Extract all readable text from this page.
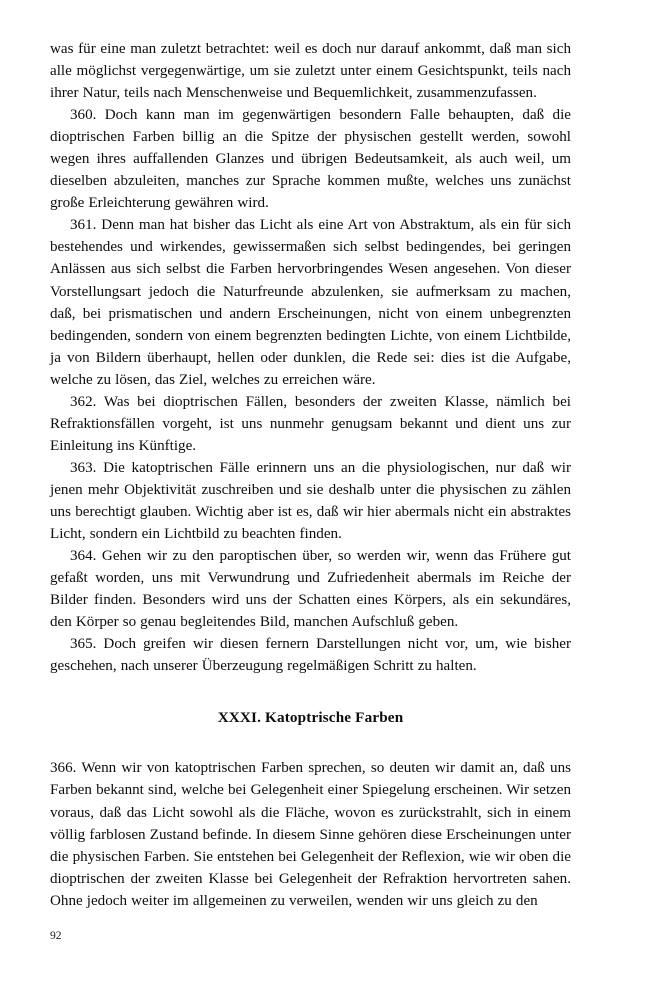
was für eine man zuletzt betrachtet: weil es doch nur darauf ankommt, daß man sich alle möglichst vergegenwärtige, um sie zuletzt unter einem Gesichtspunkt, teils nach ihrer Natur, teils nach Menschenweise und Bequemlichkeit, zusammenzufassen.

360. Doch kann man im gegenwärtigen besondern Falle behaupten, daß die dioptrischen Farben billig an die Spitze der physischen gestellt werden, sowohl wegen ihres auffallenden Glanzes und übrigen Bedeutsamkeit, als auch weil, um dieselben abzuleiten, manches zur Sprache kommen mußte, welches uns zunächst große Erleichterung gewähren wird.

361. Denn man hat bisher das Licht als eine Art von Abstraktum, als ein für sich bestehendes und wirkendes, gewissermaßen sich selbst bedingendes, bei geringen Anlässen aus sich selbst die Farben hervorbringendes Wesen angesehen. Von dieser Vorstellungsart jedoch die Naturfreunde abzulenken, sie aufmerksam zu machen, daß, bei prismatischen und andern Erscheinungen, nicht von einem unbegrenzten bedingenden, sondern von einem begrenzten bedingten Lichte, von einem Lichtbilde, ja von Bildern überhaupt, hellen oder dunklen, die Rede sei: dies ist die Aufgabe, welche zu lösen, das Ziel, welches zu erreichen wäre.

362. Was bei dioptrischen Fällen, besonders der zweiten Klasse, nämlich bei Refraktionsfällen vorgeht, ist uns nunmehr genugsam bekannt und dient uns zur Einleitung ins Künftige.

363. Die katoptrischen Fälle erinnern uns an die physiologischen, nur daß wir jenen mehr Objektivität zuschreiben und sie deshalb unter die physischen zu zählen uns berechtigt glauben. Wichtig aber ist es, daß wir hier abermals nicht ein abstraktes Licht, sondern ein Lichtbild zu beachten finden.

364. Gehen wir zu den paroptischen über, so werden wir, wenn das Frühere gut gefaßt worden, uns mit Verwundrung und Zufriedenheit abermals im Reiche der Bilder finden. Besonders wird uns der Schatten eines Körpers, als ein sekundäres, den Körper so genau begleitendes Bild, manchen Aufschluß geben.

365. Doch greifen wir diesen fernern Darstellungen nicht vor, um, wie bisher geschehen, nach unserer Überzeugung regelmäßigen Schritt zu halten.

XXXI. Katoptrische Farben

366. Wenn wir von katoptrischen Farben sprechen, so deuten wir damit an, daß uns Farben bekannt sind, welche bei Gelegenheit einer Spiegelung erscheinen. Wir setzen voraus, daß das Licht sowohl als die Fläche, wovon es zurückstrahlt, sich in einem völlig farblosen Zustand befinde. In diesem Sinne gehören diese Erscheinungen unter die physischen Farben. Sie entstehen bei Gelegenheit der Reflexion, wie wir oben die dioptrischen der zweiten Klasse bei Gelegenheit der Refraktion hervortreten sahen. Ohne jedoch weiter im allgemeinen zu verweilen, wenden wir uns gleich zu den

92
